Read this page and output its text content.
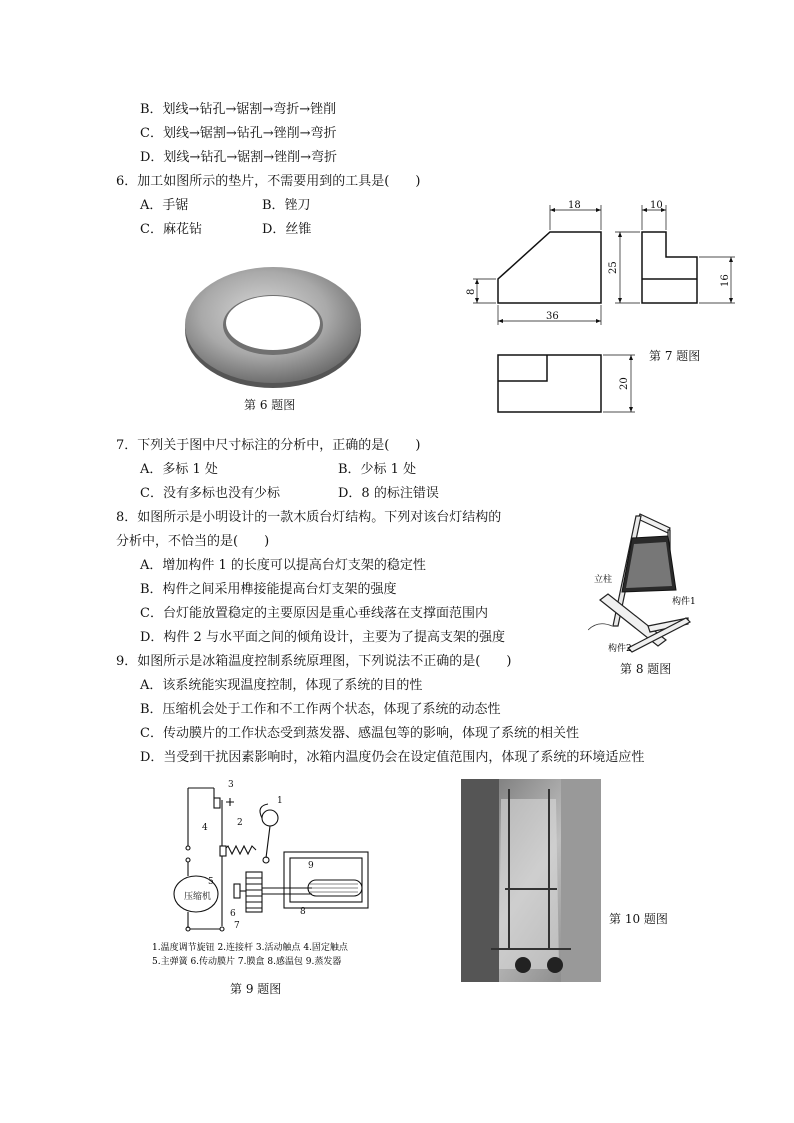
B．划线→钻孔→锯割→弯折→锉削
C．划线→锯割→钻孔→锉削→弯折
D．划线→钻孔→锯割→锉削→弯折
6．加工如图所示的垫片，不需要用到的工具是(　　)
A．手锯	B．锉刀
C．麻花钻	D．丝锥
第 6 题图
18
36
10
8
25
16
20
第 7 题图
7．下列关于图中尺寸标注的分析中，正确的是(　　)
A．多标 1 处	B．少标 1 处
C．没有多标也没有少标	D．8 的标注错误
8．如图所示是小明设计的一款木质台灯结构。下列对该台灯结构的
分析中，不恰当的是(　　)
A．增加构件 1 的长度可以提高台灯支架的稳定性
B．构件之间采用榫接能提高台灯支架的强度
C．台灯能放置稳定的主要原因是重心垂线落在支撑面范围内
D．构件 2 与水平面之间的倾角设计，主要为了提高支架的强度
立柱
构件1
构件2
第 8 题图
9．如图所示是冰箱温度控制系统原理图，下列说法不正确的是(　　)
A．该系统能实现温度控制，体现了系统的目的性
B．压缩机会处于工作和不工作两个状态，体现了系统的动态性
C．传动膜片的工作状态受到蒸发器、感温包等的影响，体现了系统的相关性
D．当受到干扰因素影响时，冰箱内温度仍会在设定值范围内，体现了系统的环境适应性
压缩机
1
2
3
4
5
6
7
8
9
1.温度调节旋钮 2.连接杆 3.活动触点 4.固定触点
5.主弹簧 6.传动膜片 7.膜盒 8.感温包 9.蒸发器
第 9 题图
第 10 题图
